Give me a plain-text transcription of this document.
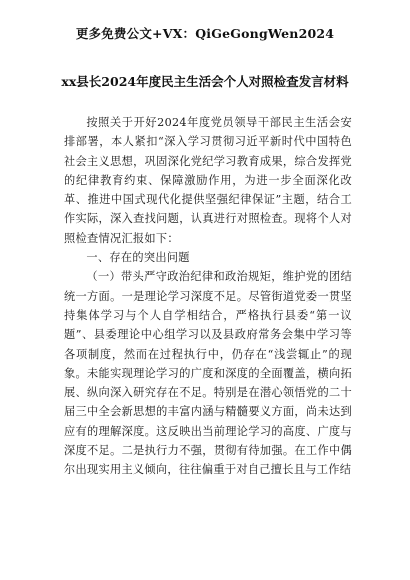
更多免费公文+VX：QiGeGongWen2024
xx县长2024年度民主生活会个人对照检查发言材料

按照关于开好2024年度党员领导干部民主生活会安排部署，本人紧扣“深入学习贯彻习近平新时代中国特色社会主义思想，巩固深化党纪学习教育成果，综合发挥党的纪律教育约束、保障激励作用，为进一步全面深化改革、推进中国式现代化提供坚强纪律保证”主题，结合工作实际，深入查找问题，认真进行对照检查。现将个人对照检查情况汇报如下：

一、存在的突出问题

（一）带头严守政治纪律和政治规矩，维护党的团结统一方面。一是理论学习深度不足。尽管街道党委一贯坚持集体学习与个人自学相结合，严格执行县委“第一议题”、县委理论中心组学习以及县政府常务会集中学习等各项制度，然而在过程执行中，仍存在“浅尝辄止”的现象。未能实现理论学习的广度和深度的全面覆盖，横向拓展、纵向深入研究存在不足。特别是在潜心领悟党的二十届三中全会新思想的丰富内涵与精髓要义方面，尚未达到应有的理解深度。这反映出当前理论学习的高度、广度与深度不足。二是执行力不强，贯彻有待加强。在工作中偶尔出现实用主义倾向，往往偏重于对自己擅长且与工作结
